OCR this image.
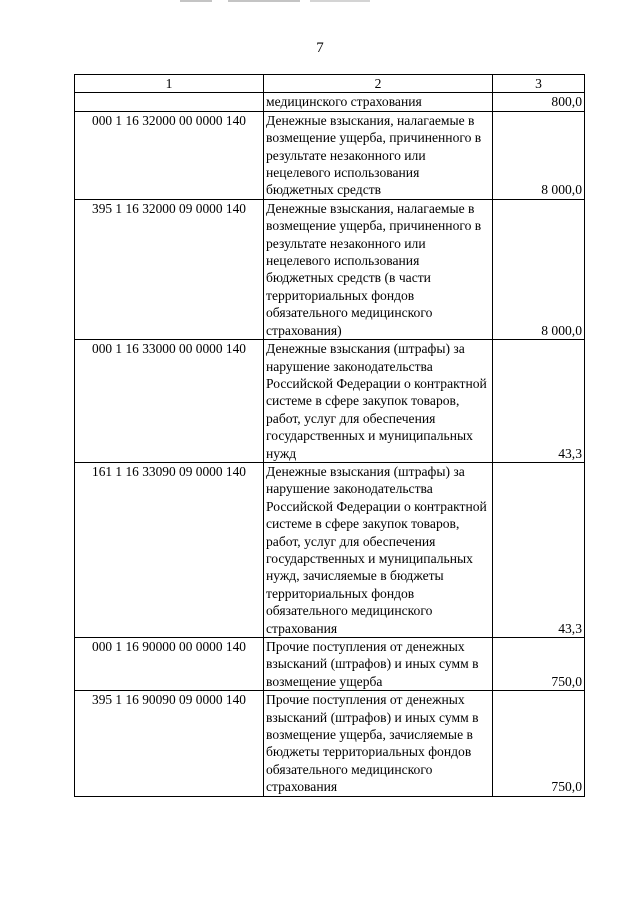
7
1	2	3
	медицинского страхования	800,0
000 1 16 32000 00 0000 140	Денежные взыскания, налагаемые в возмещение ущерба, причиненного в результате незаконного или нецелевого использования бюджетных средств	8 000,0
395 1 16 32000 09 0000 140	Денежные взыскания, налагаемые в возмещение ущерба, причиненного в результате незаконного или нецелевого использования бюджетных средств (в части территориальных фондов обязательного медицинского страхования)	8 000,0
000 1 16 33000 00 0000 140	Денежные взыскания (штрафы) за нарушение законодательства Российской Федерации о контрактной системе в сфере закупок товаров, работ, услуг для обеспечения государственных и муниципальных нужд	43,3
161 1 16 33090 09 0000 140	Денежные взыскания (штрафы) за нарушение законодательства Российской Федерации о контрактной системе в сфере закупок товаров, работ, услуг для обеспечения государственных и муниципальных нужд, зачисляемые в бюджеты территориальных фондов обязательного медицинского страхования	43,3
000 1 16 90000 00 0000 140	Прочие поступления от денежных взысканий (штрафов) и иных сумм в возмещение ущерба	750,0
395 1 16 90090 09 0000 140	Прочие поступления от денежных взысканий (штрафов) и иных сумм в возмещение ущерба, зачисляемые в бюджеты территориальных фондов обязательного медицинского страхования	750,0
